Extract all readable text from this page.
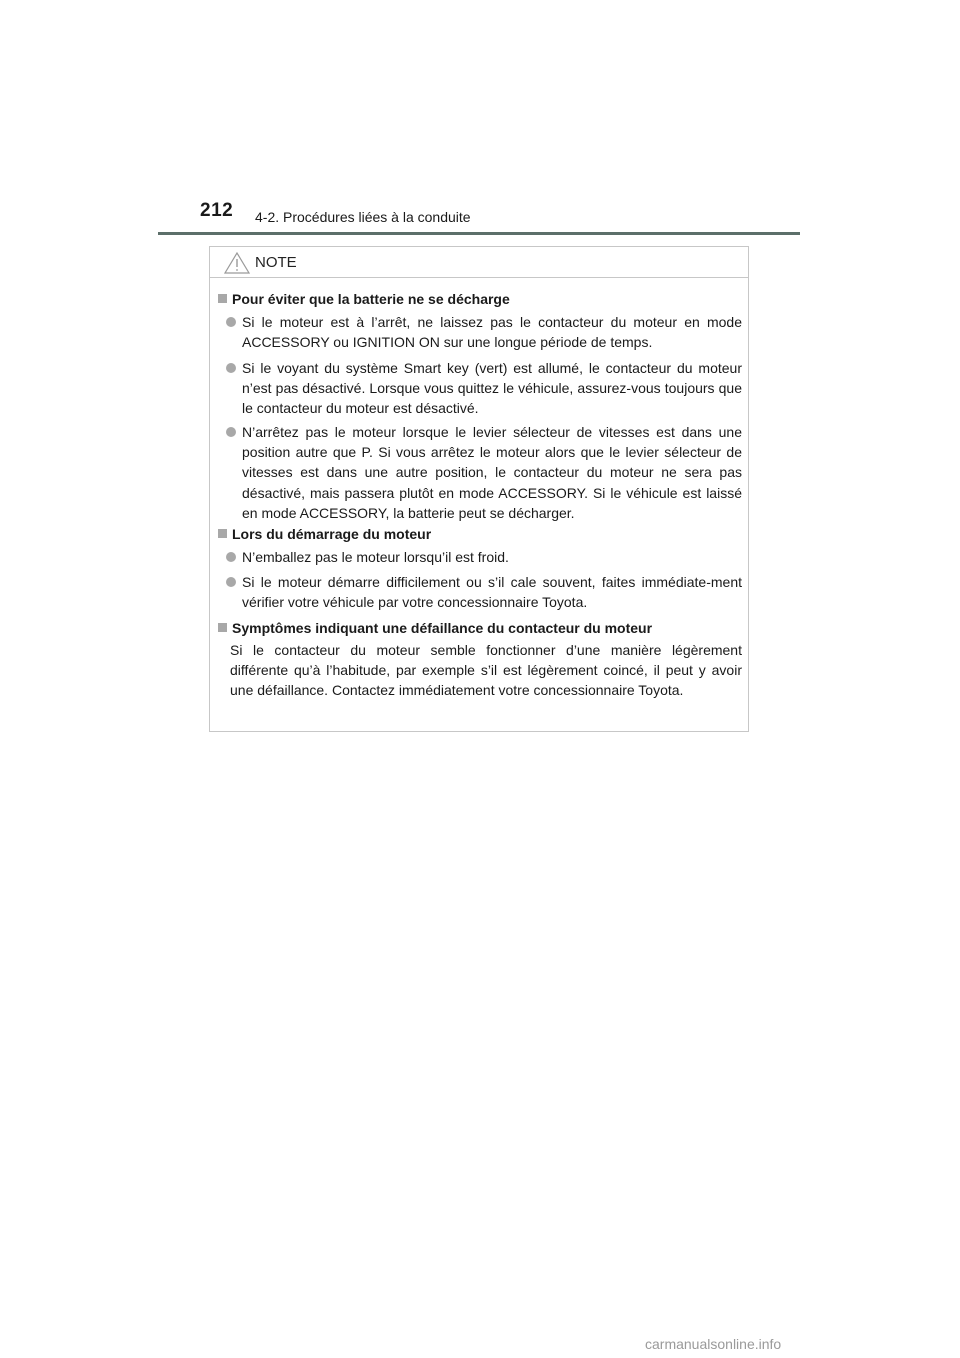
212 4-2. Procédures liées à la conduite
NOTE
Pour éviter que la batterie ne se décharge
Si le moteur est à l’arrêt, ne laissez pas le contacteur du moteur en mode ACCESSORY ou IGNITION ON sur une longue période de temps.
Si le voyant du système Smart key (vert) est allumé, le contacteur du moteur n’est pas désactivé. Lorsque vous quittez le véhicule, assurez-vous toujours que le contacteur du moteur est désactivé.
N’arrêtez pas le moteur lorsque le levier sélecteur de vitesses est dans une position autre que P. Si vous arrêtez le moteur alors que le levier sélecteur de vitesses est dans une autre position, le contacteur du moteur ne sera pas désactivé, mais passera plutôt en mode ACCESSORY. Si le véhicule est laissé en mode ACCESSORY, la batterie peut se décharger.
Lors du démarrage du moteur
N’emballez pas le moteur lorsqu’il est froid.
Si le moteur démarre difficilement ou s’il cale souvent, faites immédiate-ment vérifier votre véhicule par votre concessionnaire Toyota.
Symptômes indiquant une défaillance du contacteur du moteur
Si le contacteur du moteur semble fonctionner d’une manière légèrement différente qu’à l’habitude, par exemple s’il est légèrement coincé, il peut y avoir une défaillance. Contactez immédiatement votre concessionnaire Toyota.
carmanualsonline.info
